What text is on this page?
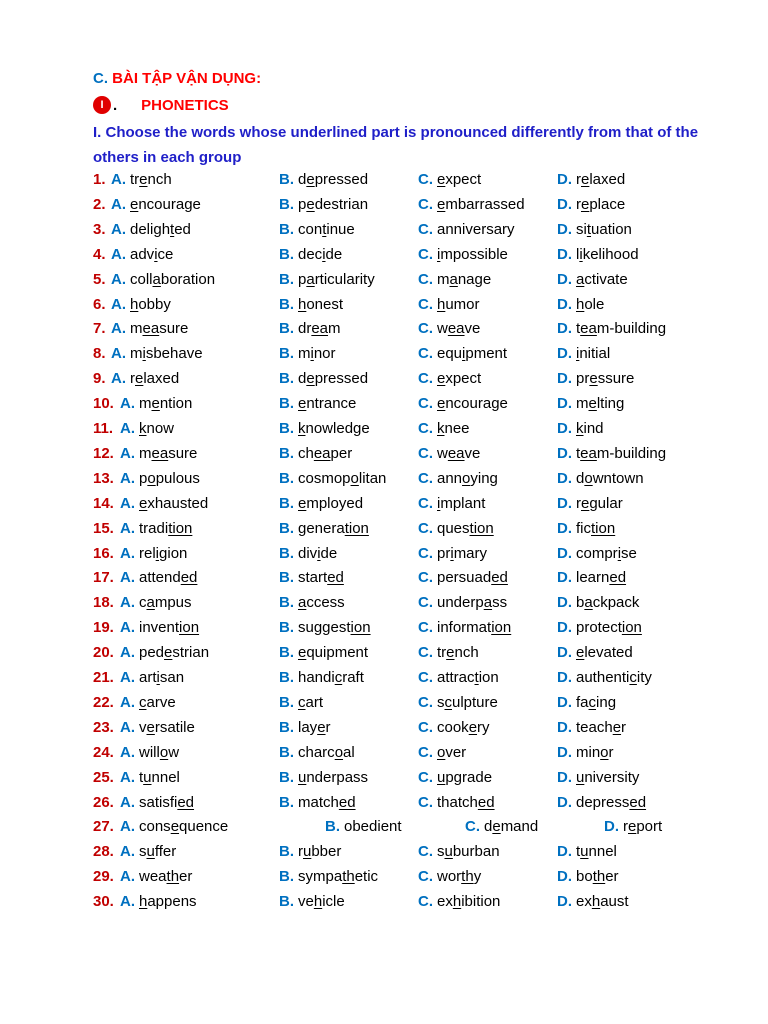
C. BÀI TẬP VẬN DỤNG:
I . PHONETICS
I. Choose the words whose underlined part is pronounced differently from that of the others in each group
1. A. trench	B. depressed	C. expect	D. relaxed
2. A. encourage	B. pedestrian	C. embarrassed D. replace
3. A. delighted	B. continue	C. anniversary	D. situation
4. A. advice	B. decide	C. impossible	D. likelihood
5. A. collaboration	B. particularity	C. manage	D. activate
6. A. hobby	B. honest	C. humor	D. hole
7. A. measure	B. dream	C. weave	D. team-building
8. A. misbehave	B. minor	C. equipment	D. initial
9. A. relaxed	B. depressed	C. expect	D. pressure
10. A. mention	B. entrance	C. encourage	D. melting
11. A. know	B. knowledge	C. knee	D. kind
12. A. measure	B. cheaper	C. weave	D. team-building
13. A. populous	B. cosmopolitan C. annoying	D. downtown
14. A. exhausted	B. employed	C. implant	D. regular
15. A. tradition	B. generation	C. question	D. fiction
16. A. religion	B. divide	C. primary	D. comprise
17. A. attended	B. started	C. persuaded	D. learned
18. A. campus	B. access	C. underpass	D. backpack
19. A. invention	B. suggestion	C. information	D. protection
20. A. pedestrian	B. equipment	C. trench	D. elevated
21. A. artisan	B. handicraft	C. attraction	D. authenticity
22. A. carve	B. cart	C. sculpture	D. facing
23. A. versatile	B. layer	C. cookery	D. teacher
24. A. willow	B. charcoal	C. over	D. minor
25. A. tunnel	B. underpass	C. upgrade	D. university
26. A. satisfied	B. matched	C. thatched	D. depressed
27. A. consequence	B. obedient	C. demand	D. report
28. A. suffer	B. rubber	C. suburban	D. tunnel
29. A. weather	B. sympathetic	C. worthy	D. bother
30. A. happens	B. vehicle	C. exhibition	D. exhaust
